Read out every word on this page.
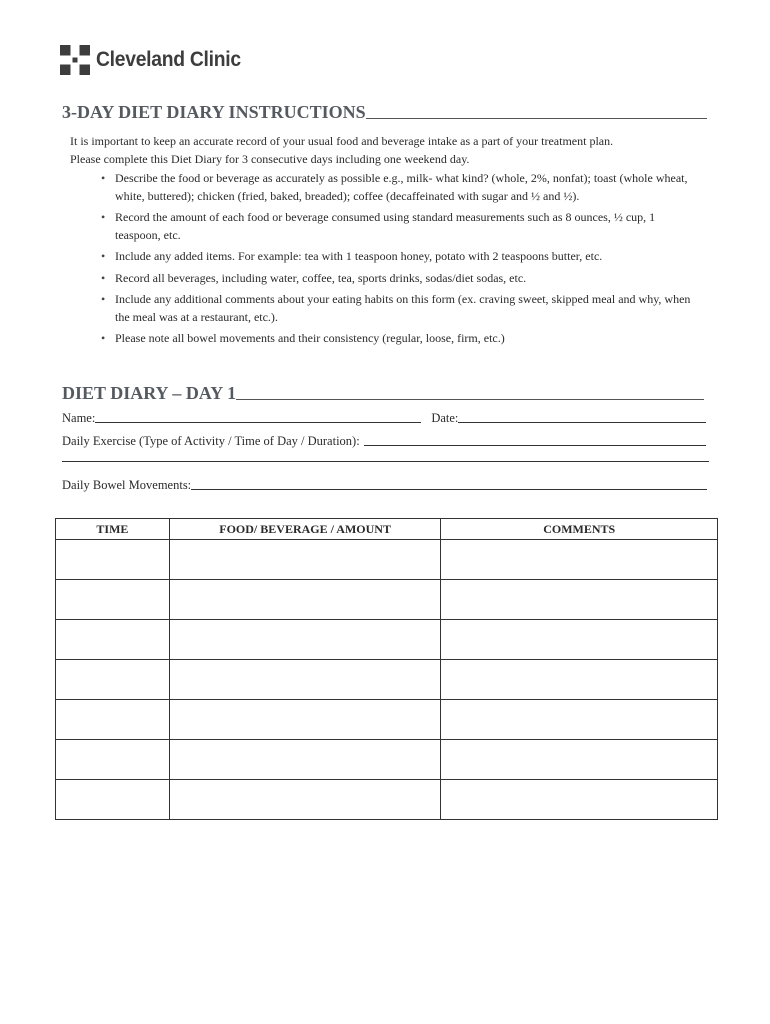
Cleveland Clinic
3-DAY DIET DIARY INSTRUCTIONS

It is important to keep an accurate record of your usual food and beverage intake as a part of your treatment plan.

Please complete this Diet Diary for 3 consecutive days including one weekend day.

• Describe the food or beverage as accurately as possible e.g., milk- what kind? (whole, 2%, nonfat); toast (whole wheat, white, buttered); chicken (fried, baked, breaded); coffee (decaffeinated with sugar and ½ and ½).
• Record the amount of each food or beverage consumed using standard measurements such as 8 ounces, ½ cup, 1 teaspoon, etc.
• Include any added items. For example: tea with 1 teaspoon honey, potato with 2 teaspoons butter, etc.
• Record all beverages, including water, coffee, tea, sports drinks, sodas/diet sodas, etc.
• Include any additional comments about your eating habits on this form (ex. craving sweet, skipped meal and why, when the meal was at a restaurant, etc.).
• Please note all bowel movements and their consistency (regular, loose, firm, etc.)
DIET DIARY – DAY 1
Name:	Date:
Daily Exercise (Type of Activity / Time of Day / Duration):
Daily Bowel Movements:
TIME	FOOD/ BEVERAGE / AMOUNT	COMMENTS
